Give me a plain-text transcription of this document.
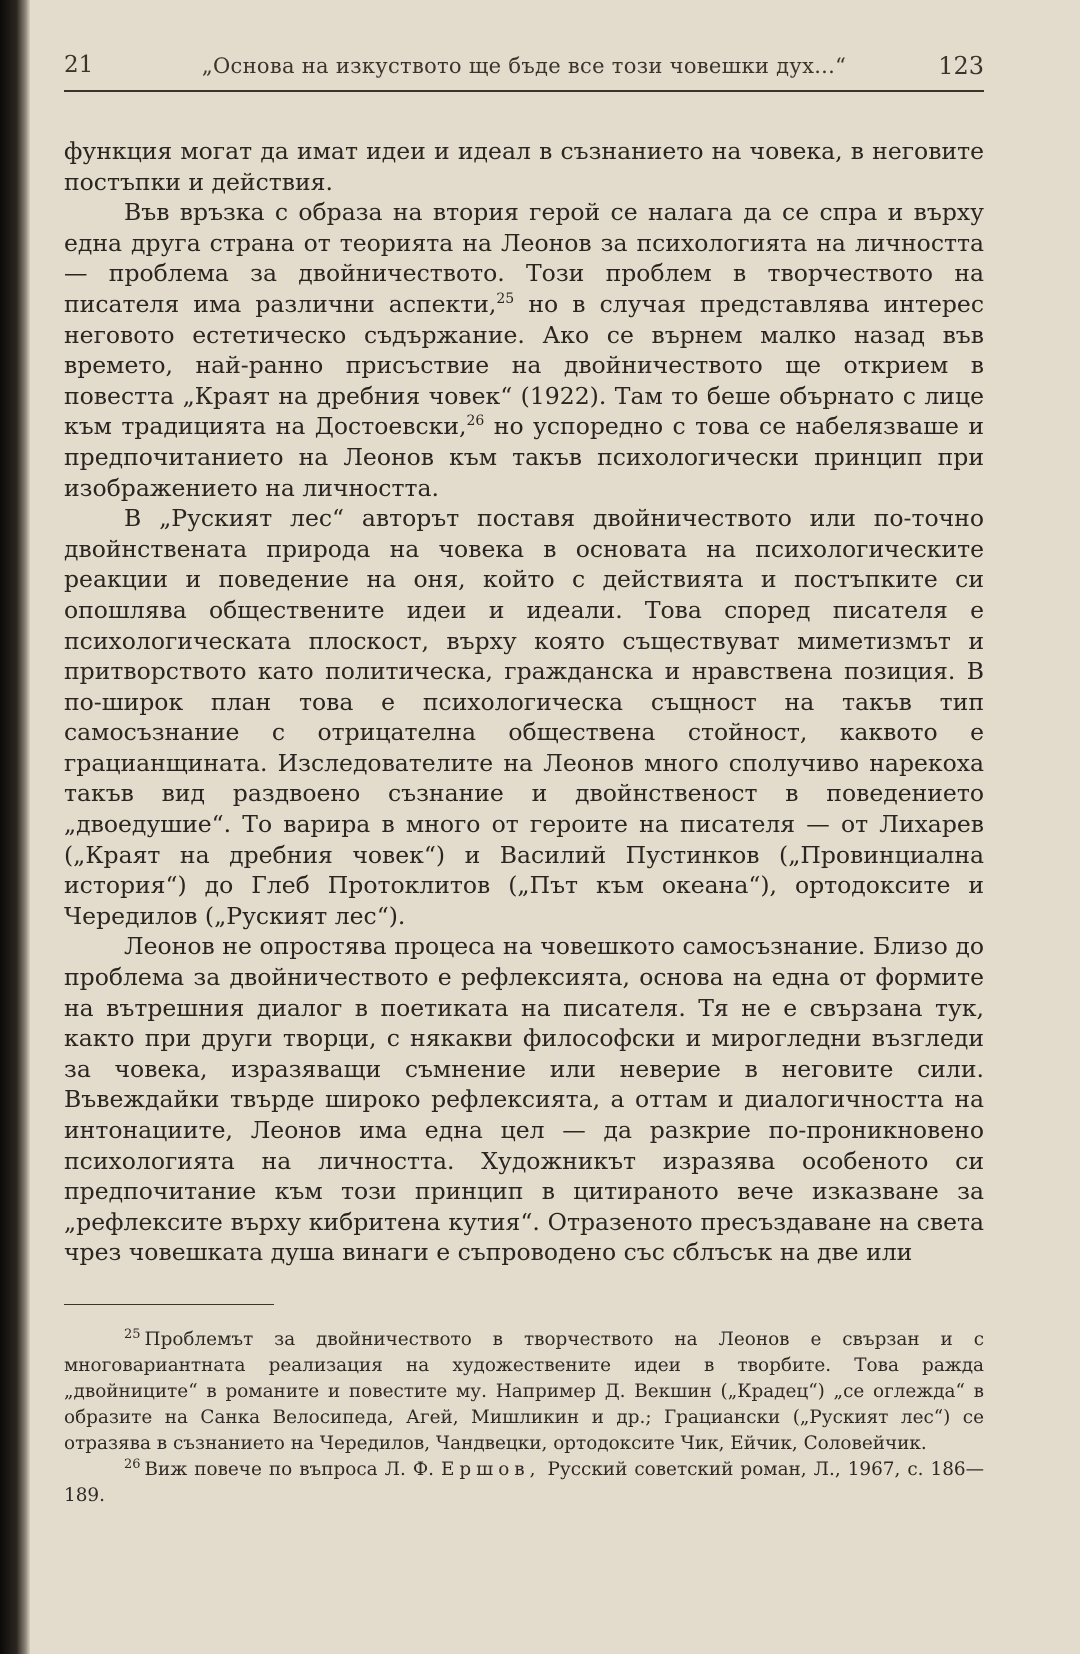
21	„Основа на изкуството ще бъде все този човешки дух...“	123

функция могат да имат идеи и идеал в съзнанието на човека, в неговите постъпки и действия.

Във връзка с образа на втория герой се налага да се спра и върху една друга страна от теорията на Леонов за психологията на личността — проблема за двойничеството. Този проблем в творчеството на писателя има различни аспекти,$^{25}$ но в случая представлява интерес неговото естетическо съдържание. Ако се върнем малко назад във времето, най-ранно присъствие на двойничеството ще открием в повестта „Краят на дребния човек“ (1922). Там то беше обърнато с лице към традицията на Достоевски,$^{26}$ но успоредно с това се набелязваше и предпочитанието на Леонов към такъв психологически принцип при изображението на личността.

В „Руският лес“ авторът поставя двойничеството или по-точно двойнствената природа на човека в основата на психологическите реакции и поведение на оня, който с действията и постъпките си опошлява обществените идеи и идеали. Това според писателя е психологическата плоскост, върху която съществуват миметизмът и притворството като политическа, гражданска и нравствена позиция. В по-широк план това е психологическа същност на такъв тип самосъзнание с отрицателна обществена стойност, каквото е грацианщината. Изследователите на Леонов много сполучиво нарекоха такъв вид раздвоено съзнание и двойнственост в поведението „двоедушие“. То варира в много от героите на писателя — от Лихарев („Краят на дребния човек“) и Василий Пустинков („Провинциална история“) до Глеб Протоклитов („Път към океана“), ортодоксите и Чередилов („Руският лес“).

Леонов не опростява процеса на човешкото самосъзнание. Близо до проблема за двойничеството е рефлексията, основа на една от формите на вътрешния диалог в поетиката на писателя. Тя не е свързана тук, както при други творци, с някакви философски и мирогледни възгледи за човека, изразяващи съмнение или неверие в неговите сили. Въвеждайки твърде широко рефлексията, а оттам и диалогичността на интонациите, Леонов има една цел — да разкрие по-проникновено психологията на личността. Художникът изразява особеното си предпочитание към този принцип в цитираното вече изказване за „рефлексите върху кибритена кутия“. Отразеното пресъздаване на света чрез човешката душа винаги е съпроводено със сблъсък на две или

$^{25}$ Проблемът за двойничеството в творчеството на Леонов е свързан и с многовариантната реализация на художествените идеи в творбите. Това ражда „двойниците“ в романите и повестите му. Например Д. Векшин („Крадец“) „се оглежда“ в образите на Санка Велосипеда, Агей, Мишликин и др.; Грациански („Руският лес“) се отразява в съзнанието на Чередилов, Чандвецки, ортодоксите Чик, Ейчик, Соловейчик.

$^{26}$ Виж повече по въпроса Л. Ф. Ершов, Русский советский роман, Л., 1967, с. 186—189.
